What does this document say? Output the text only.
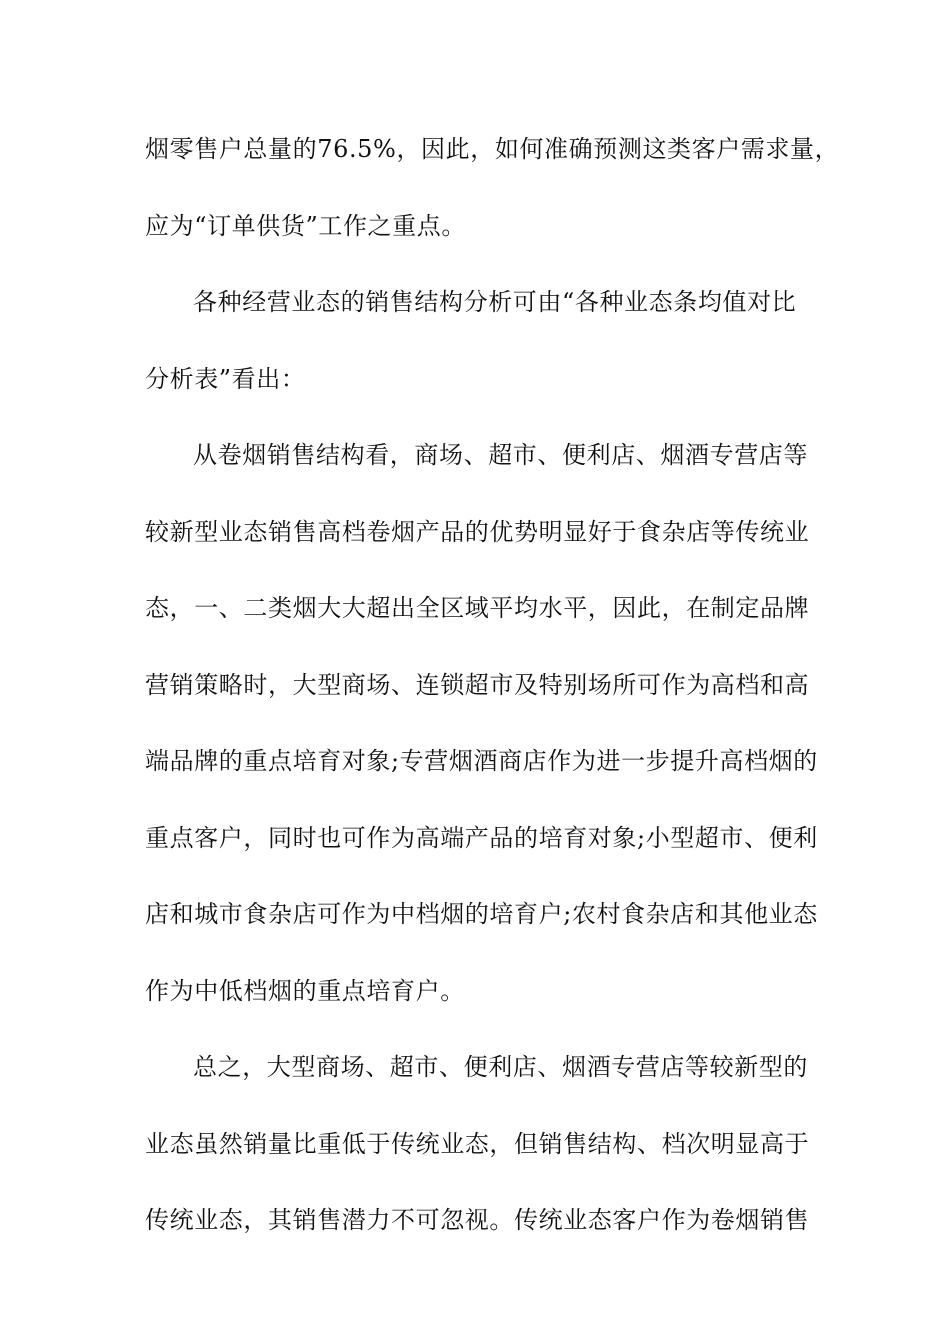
烟零售户总量的76.5%，因此，如何准确预测这类客户需求量，
应为“订单供货”工作之重点。
各种经营业态的销售结构分析可由“各种业态条均值对比
分析表”看出：
从卷烟销售结构看，商场、超市、便利店、烟酒专营店等
较新型业态销售高档卷烟产品的优势明显好于食杂店等传统业
态，一、二类烟大大超出全区域平均水平，因此，在制定品牌
营销策略时，大型商场、连锁超市及特别场所可作为高档和高
端品牌的重点培育对象;专营烟酒商店作为进一步提升高档烟的
重点客户，同时也可作为高端产品的培育对象;小型超市、便利
店和城市食杂店可作为中档烟的培育户;农村食杂店和其他业态
作为中低档烟的重点培育户。
总之，大型商场、超市、便利店、烟酒专营店等较新型的
业态虽然销量比重低于传统业态，但销售结构、档次明显高于
传统业态，其销售潜力不可忽视。传统业态客户作为卷烟销售
